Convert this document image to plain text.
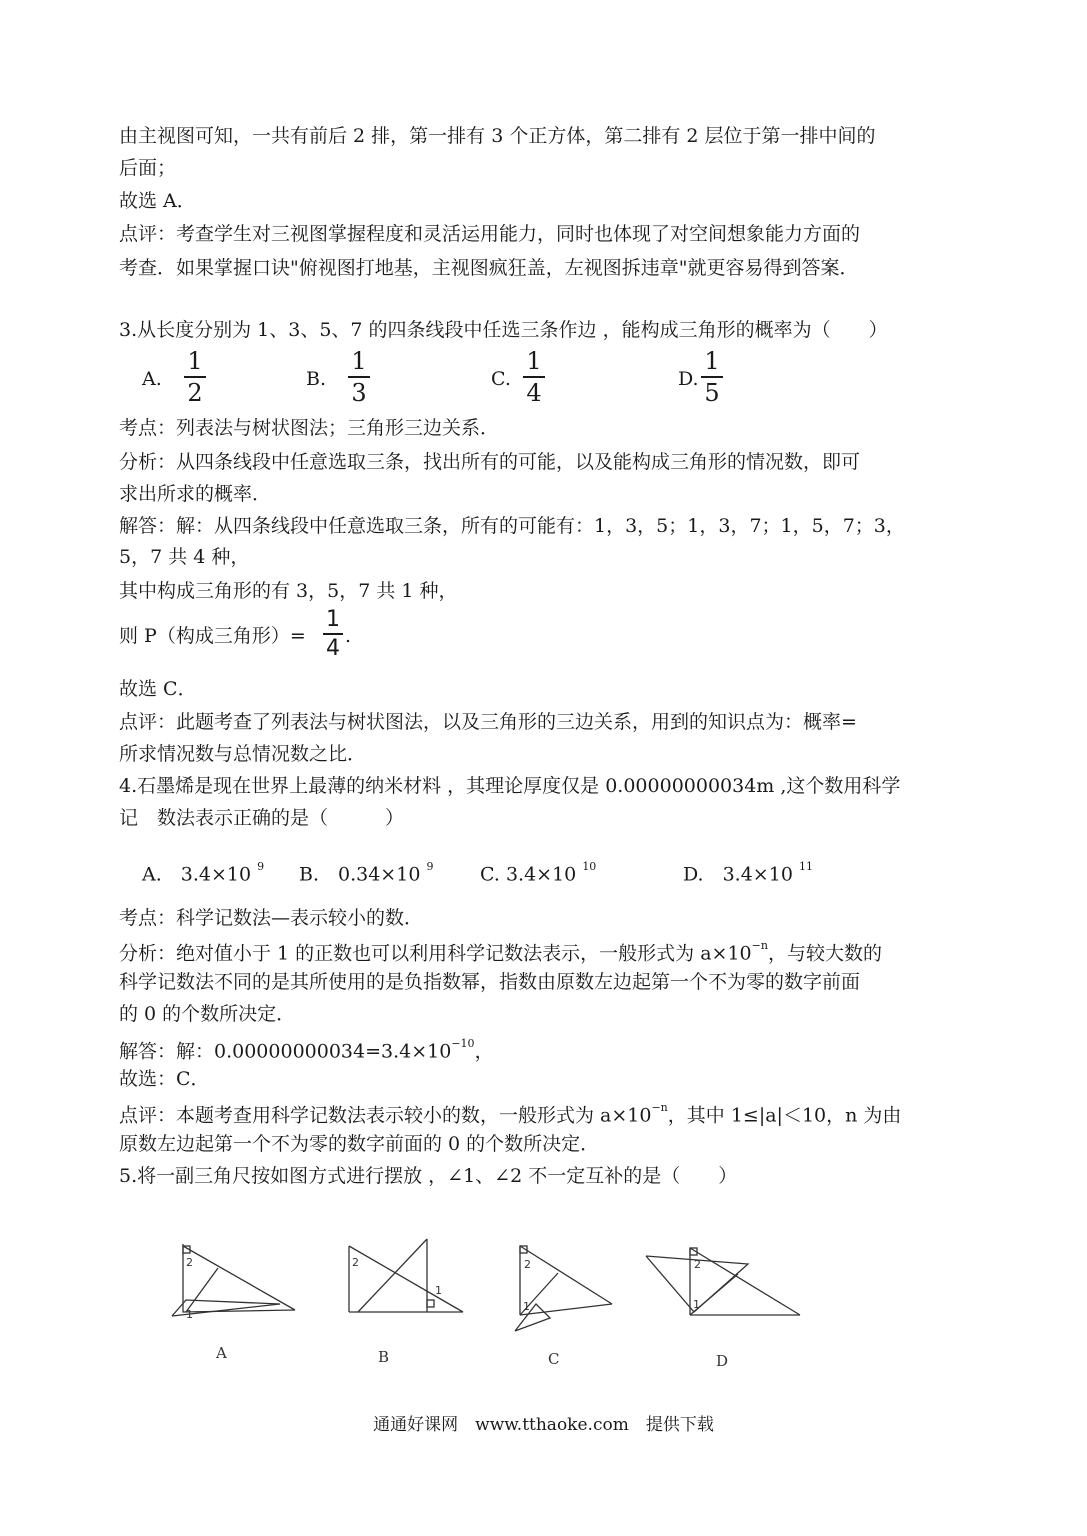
由主视图可知，一共有前后 2 排，第一排有 3 个正方体，第二排有 2 层位于第一排中间的
后面；
故选 A．
点评：考查学生对三视图掌握程度和灵活运用能力，同时也体现了对空间想象能力方面的
考查．如果掌握口诀"俯视图打地基，主视图疯狂盖，左视图拆违章"就更容易得到答案．
3.从长度分别为 1、3、5、7 的四条线段中任选三条作边 ，能构成三角形的概率为（　　）
A.
1
2	B.
1
3	C.
1
4	D.
1
5
考点：列表法与树状图法；三角形三边关系．
分析：从四条线段中任意选取三条，找出所有的可能，以及能构成三角形的情况数，即可
求出所求的概率．
解答：解：从四条线段中任意选取三条，所有的可能有：1，3，5；1，3，7；1，5，7；3，
5，7 共 4 种，
其中构成三角形的有 3，5，7 共 1 种，
则 P（构成三角形）=
1
4 .
故选 C．
点评：此题考查了列表法与树状图法，以及三角形的三边关系，用到的知识点为：概率=
所求情况数与总情况数之比．
4.石墨烯是现在世界上最薄的纳米材料 ，其理论厚度仅是 0.00000000034m ,这个数用科学
记　数法表示正确的是（　　　）
A.　3.4×10 $^9$ B.　0.34×10 $^9$ C. 3.4×10 $^{10}$	D.　3.4×10 $^{11}$
考点：科学记数法—表示较小的数．
分析：绝对值小于 1 的正数也可以利用科学记数法表示，一般形式为 $a\times 10^{-n}$，与较大数的
科学记数法不同的是其所使用的是负指数幂，指数由原数左边起第一个不为零的数字前面
的 0 的个数所决定．
解答：解：$0.00000000034=3.4\times 10^{-10}$，
故选：C．
点评：本题考查用科学记数法表示较小的数，一般形式为 $a\times 10^{-n}$，其中 1≤|a|＜10，n 为由
原数左边起第一个不为零的数字前面的 0 的个数所决定．
5.将一副三角尺按如图方式进行摆放 ，∠1、∠2 不一定互补的是（　　）
2
1
2
1
2
1
2
1
A	B	C	D
通通好课网　www.tthaoke.com　提供下载
